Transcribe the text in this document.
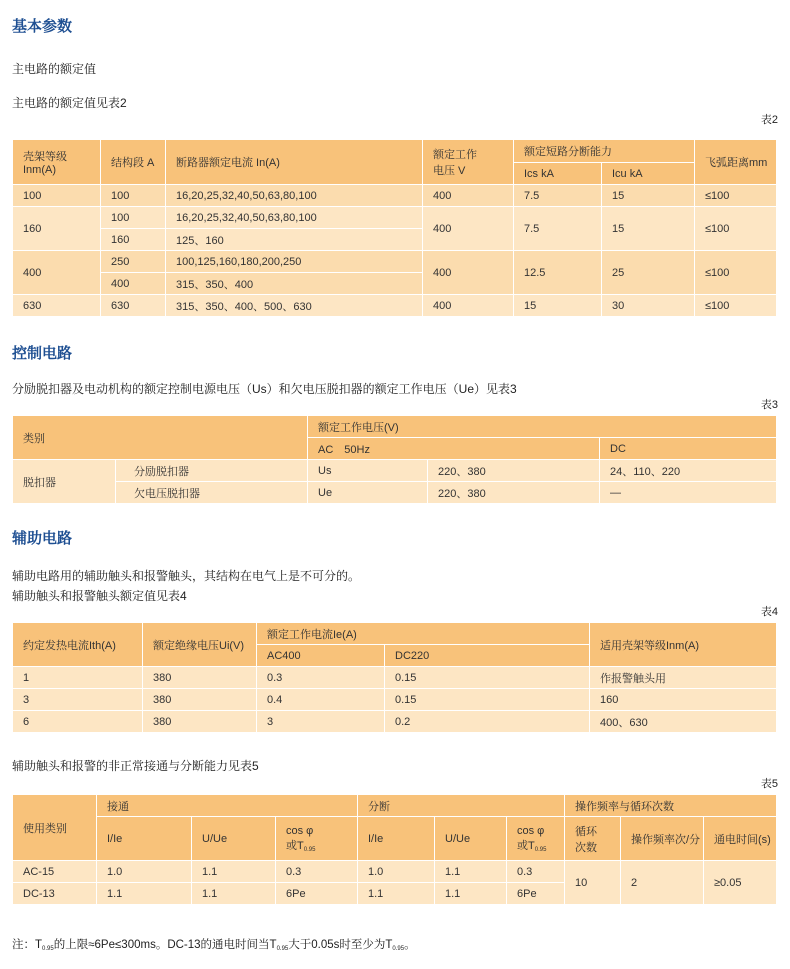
基本参数

主电路的额定值

主电路的额定值见表2

表2
壳架等级
Inm(A)	结构段 A	断路器额定电流 In(A)	额定工作
电压 V	额定短路分断能力		飞弧距离mm
				Ics kA	Icu kA	
100	100	16,20,25,32,40,50,63,80,100	400	7.5	15	≤100
160	100	16,20,25,32,40,50,63,80,100	400	7.5	15	≤100
	160	125、160				
400	250	100,125,160,180,200,250	400	12.5	25	≤100
	400	315、350、400				
630	630	315、350、400、500、630	400	15	30	≤100
控制电路

分励脱扣器及电动机构的额定控制电源电压（Us）和欠电压脱扣器的额定工作电压（Ue）见表3

表3
类别		额定工作电压(V)		
		AC　50Hz		DC
脱扣器	分励脱扣器	Us	220、380	24、110、220
	欠电压脱扣器	Ue	220、380	—
辅助电路

辅助电路用的辅助触头和报警触头，其结构在电气上是不可分的。

辅助触头和报警触头额定值见表4

表4
约定发热电流Ith(A)	额定绝缘电压Ui(V)	额定工作电流Ie(A)		适用壳架等级Inm(A)
		AC400	DC220	
1	380	0.3	0.15	作报警触头用
3	380	0.4	0.15	160
6	380	3	0.2	400、630

辅助触头和报警的非正常接通与分断能力见表5

表5
使用类别	接通			分断			操作频率与循环次数		
	I/Ie	U/Ue	cos φ
或$T_{0.95}$	I/Ie	U/Ue	cos φ
或$T_{0.95}$	循环
次数	操作频率次/分	通电时间(s)
AC-15	1.0	1.1	0.3	1.0	1.1	0.3	10	2	≥0.05
DC-13	1.1	1.1	6Pe	1.1	1.1	6Pe			

注：$T_{0.95}$的上限≈6Pe≤300ms。DC-13的通电时间当$T_{0.95}$大于0.05s时至少为$T_{0.95}$。
